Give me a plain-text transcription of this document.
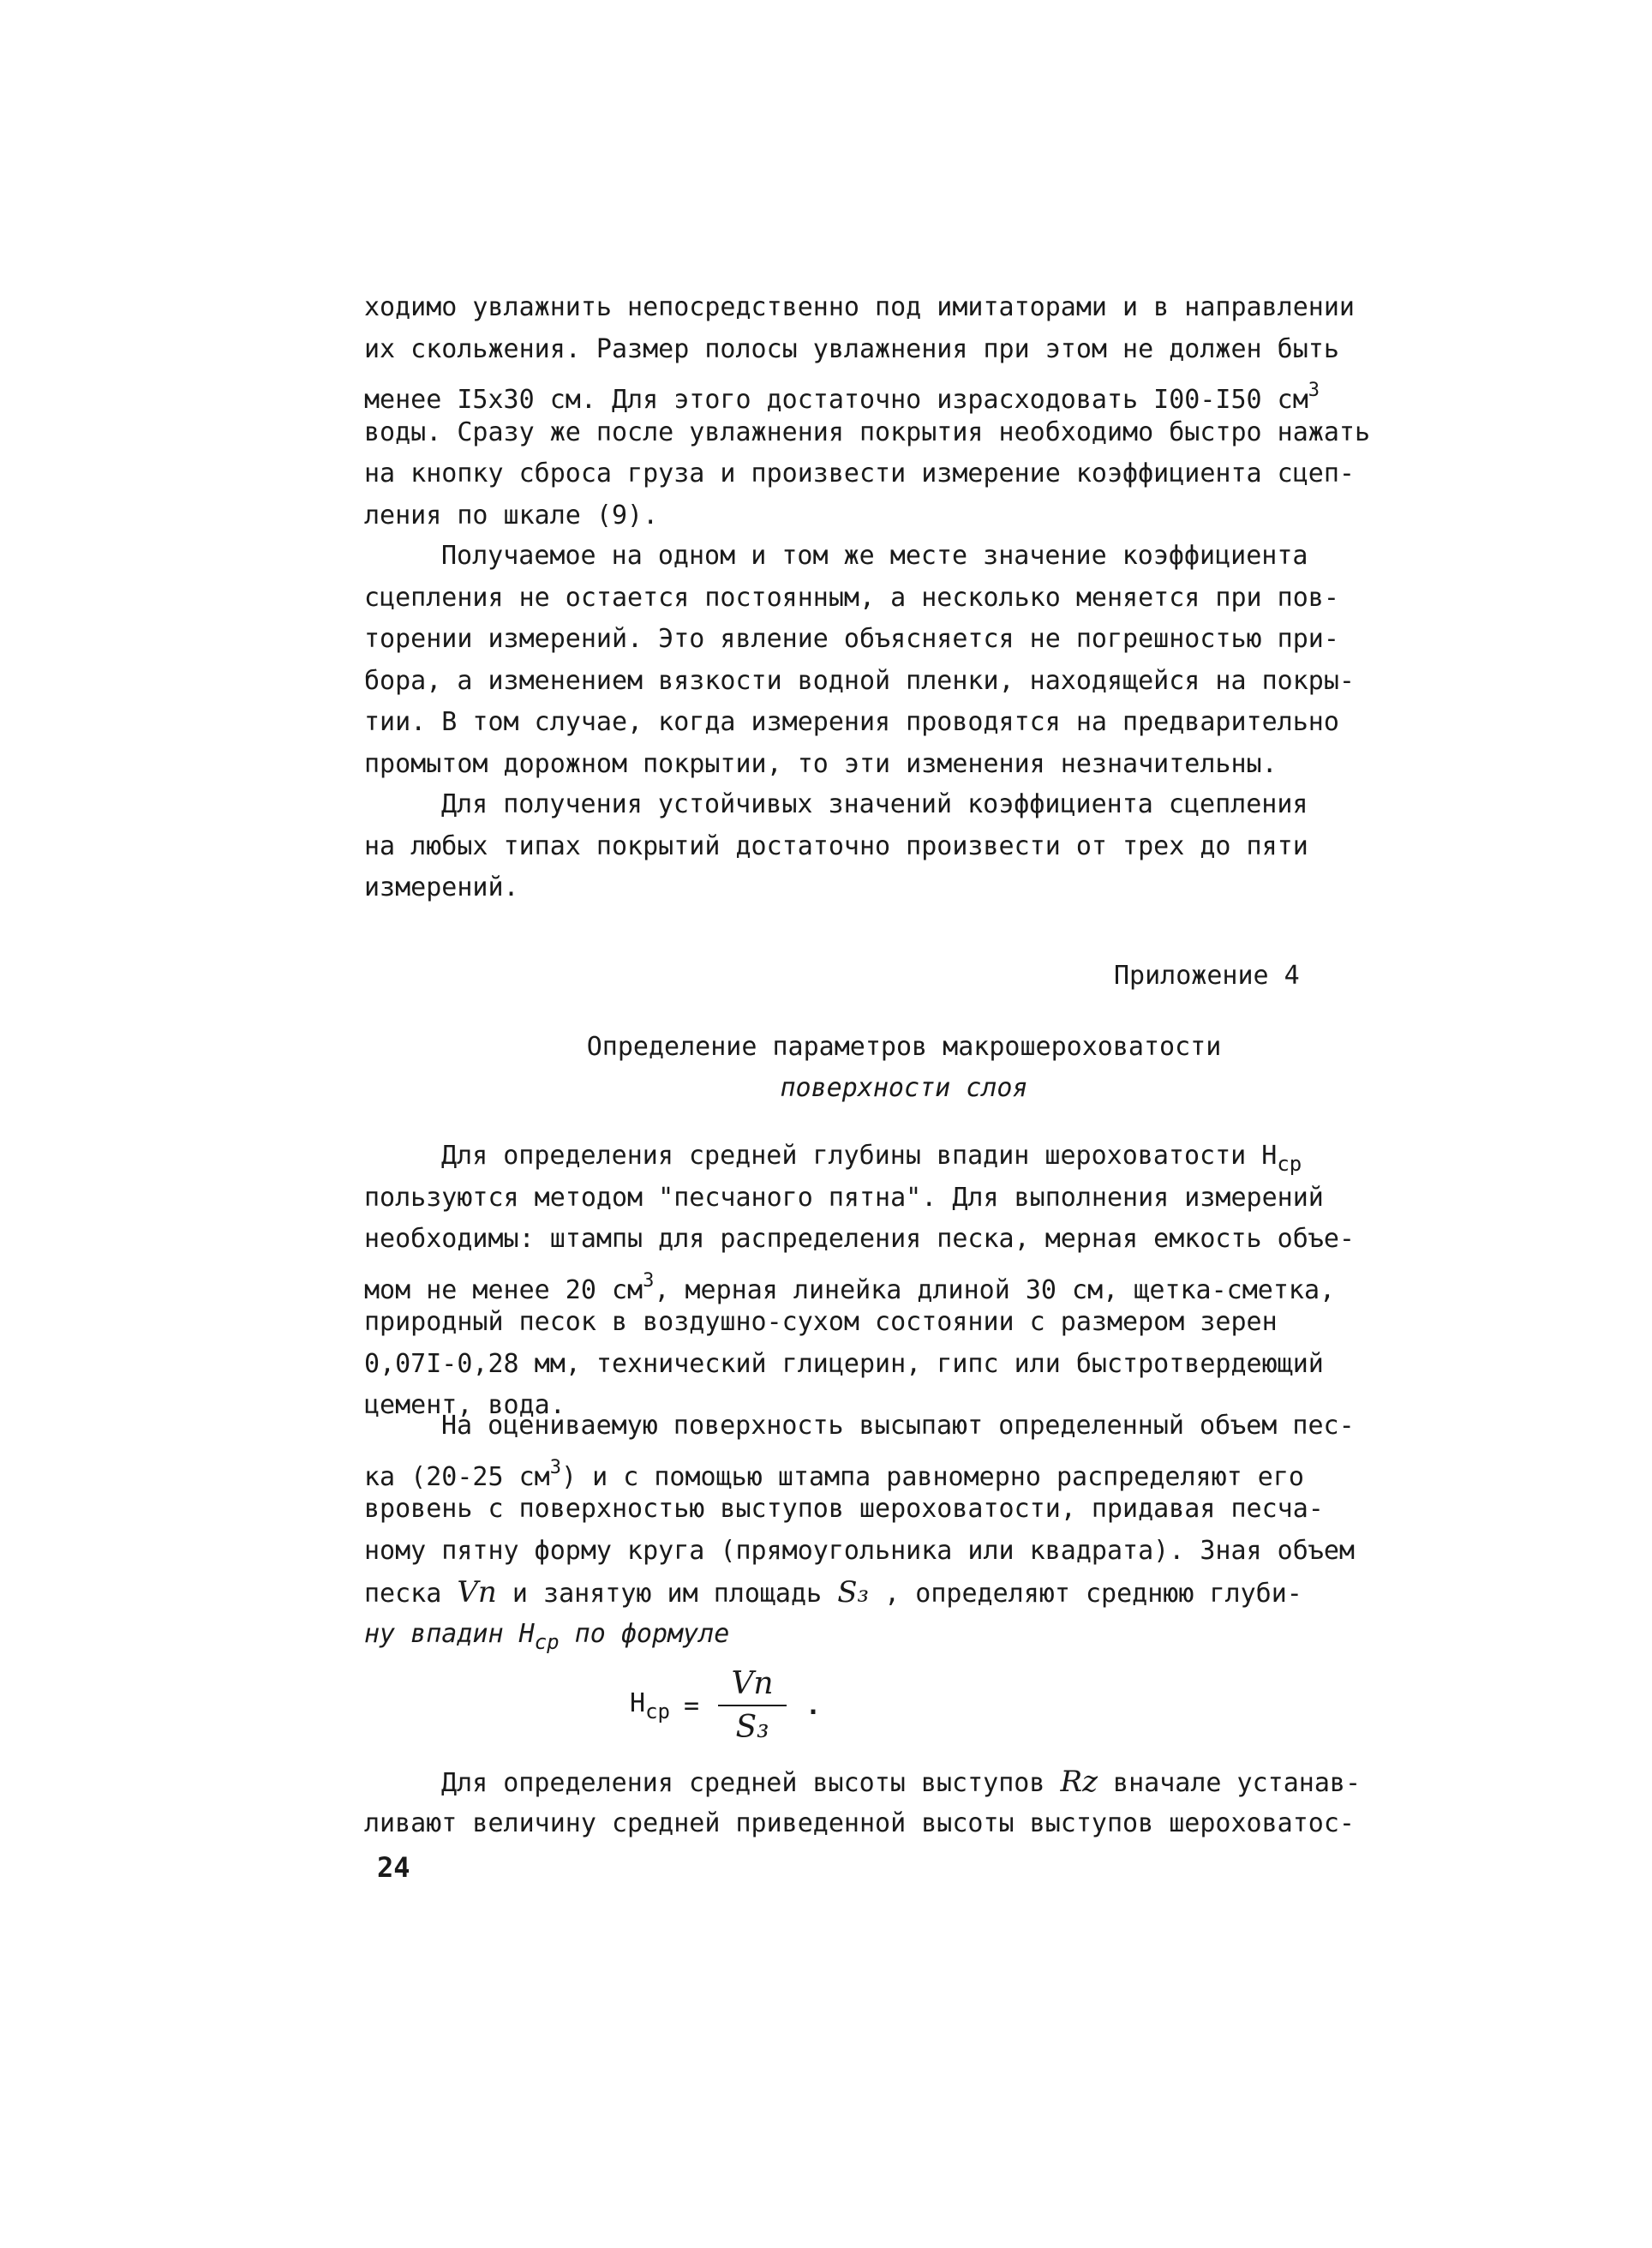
ходимо увлажнить непосредственно под имитаторами и в направлении
их скольжения. Размер полосы увлажнения при этом не должен быть
менее I5х30 см. Для этого достаточно израсходовать I00-I50 $см^3$
воды. Сразу же после увлажнения покрытия необходимо быстро нажать
на кнопку сброса груза и произвести измерение коэффициента сцеп-
ления по шкале (9).
Получаемое на одном и том же месте значение коэффициента
сцепления не остается постоянным, а несколько меняется при пов-
торении измерений. Это явление объясняется не погрешностью при-
бора, а изменением вязкости водной пленки, находящейся на покры-
тии. В том случае, когда измерения проводятся на предварительно
промытом дорожном покрытии, то эти изменения незначительны.
Для получения устойчивых значений коэффициента сцепления
на любых типах покрытий достаточно произвести от трех до пяти
измерений.
Приложение 4
Определение параметров макрошероховатости
поверхности слоя
Для определения средней глубины впадин шероховатости $H_{ср}$
пользуются методом "песчаного пятна". Для выполнения измерений
необходимы: штампы для распределения песка, мерная емкость объе-
мом не менее 20 $см^3$, мерная линейка длиной 30 см, щетка-сметка,
природный песок в воздушно-сухом состоянии с размером зерен
0,07I-0,28 мм, технический глицерин, гипс или быстротвердеющий
цемент, вода.
На оцениваемую поверхность высыпают определенный объем пес-
ка (20-25 $см^3$) и с помощью штампа равномерно распределяют его
вровень с поверхностью выступов шероховатости, придавая песча-
ному пятну форму круга (прямоугольника или квадрата). Зная объем
песка Vп и занятую им площадь S₃ , определяют среднюю глуби-
ну впадин $H_{ср}$ по формуле
$H_{ср} = \frac{Vп}{\text{S₃}}$ .
Для определения средней высоты выступов Rz вначале устанав-
ливают величину средней приведенной высоты выступов шероховатос-
24
